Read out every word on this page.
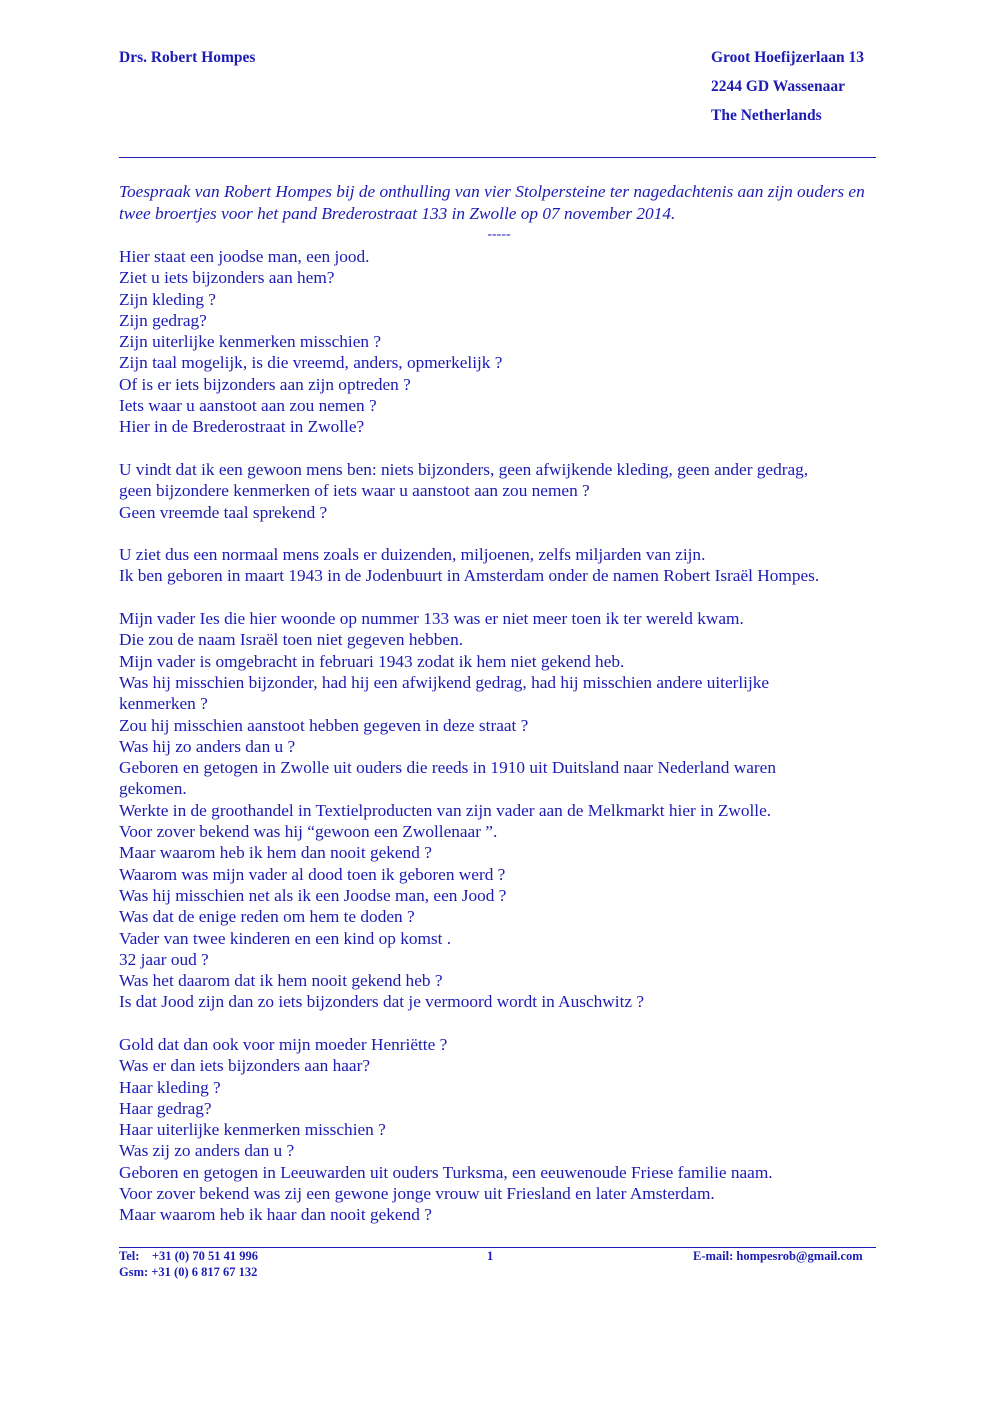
Drs. Robert Hompes	Groot Hoefijzerlaan 13
2244 GD Wassenaar
The Netherlands
Toespraak van Robert Hompes bij de onthulling van vier Stolpersteine ter nagedachtenis aan zijn ouders en twee broertjes voor het pand Brederostraat 133 in Zwolle op 07 november 2014.
-----
Hier staat een joodse man, een jood.
Ziet u iets bijzonders aan hem?
Zijn kleding ?
Zijn gedrag?
Zijn uiterlijke kenmerken misschien ?
Zijn taal mogelijk, is die vreemd, anders, opmerkelijk ?
Of is er iets bijzonders aan zijn optreden ?
Iets waar u aanstoot aan zou nemen ?
Hier in de Brederostraat in Zwolle?
U vindt dat ik een gewoon mens ben: niets bijzonders, geen afwijkende kleding, geen ander gedrag,
geen bijzondere kenmerken of iets waar u aanstoot aan zou nemen ?
Geen vreemde taal sprekend ?
U ziet dus een normaal mens zoals er duizenden, miljoenen, zelfs miljarden van zijn.
Ik ben geboren in maart 1943 in de Jodenbuurt in Amsterdam onder de namen Robert Israël Hompes.
Mijn vader Ies die hier woonde op nummer 133 was er niet meer toen ik ter wereld kwam.
Die zou de naam Israël toen niet gegeven hebben.
Mijn vader is omgebracht in februari 1943 zodat ik hem niet gekend heb.
Was hij misschien bijzonder, had hij een afwijkend gedrag, had hij misschien andere uiterlijke
kenmerken ?
Zou hij misschien aanstoot hebben gegeven in deze straat ?
Was hij zo anders dan u ?
Geboren en getogen in Zwolle uit ouders die reeds in 1910 uit Duitsland naar Nederland waren
gekomen.
Werkte in de groothandel in Textielproducten van zijn vader aan de Melkmarkt hier in Zwolle.
Voor zover bekend was hij “gewoon een Zwollenaar ”.
Maar waarom heb ik hem dan nooit gekend ?
Waarom was mijn vader al dood toen ik geboren werd ?
Was hij misschien net als ik een Joodse man, een Jood ?
Was dat de enige reden om hem te doden ?
Vader van twee kinderen en een kind op komst .
32 jaar oud ?
Was het daarom dat ik hem nooit gekend heb ?
Is dat Jood zijn dan zo iets bijzonders dat je vermoord wordt in Auschwitz ?
Gold dat dan ook voor mijn moeder Henriëtte ?
Was er dan iets bijzonders aan haar?
Haar kleding ?
Haar gedrag?
Haar uiterlijke kenmerken misschien ?
Was zij zo anders dan u ?
Geboren en getogen in Leeuwarden uit ouders Turksma, een eeuwenoude Friese familie naam.
Voor zover bekend was zij een gewone jonge vrouw uit Friesland en later Amsterdam.
Maar waarom heb ik haar dan nooit gekend ?
Tel:    +31 (0) 70 51 41 996
Gsm: +31 (0) 6 817 67 132
1	E-mail: hompesrob@gmail.com
